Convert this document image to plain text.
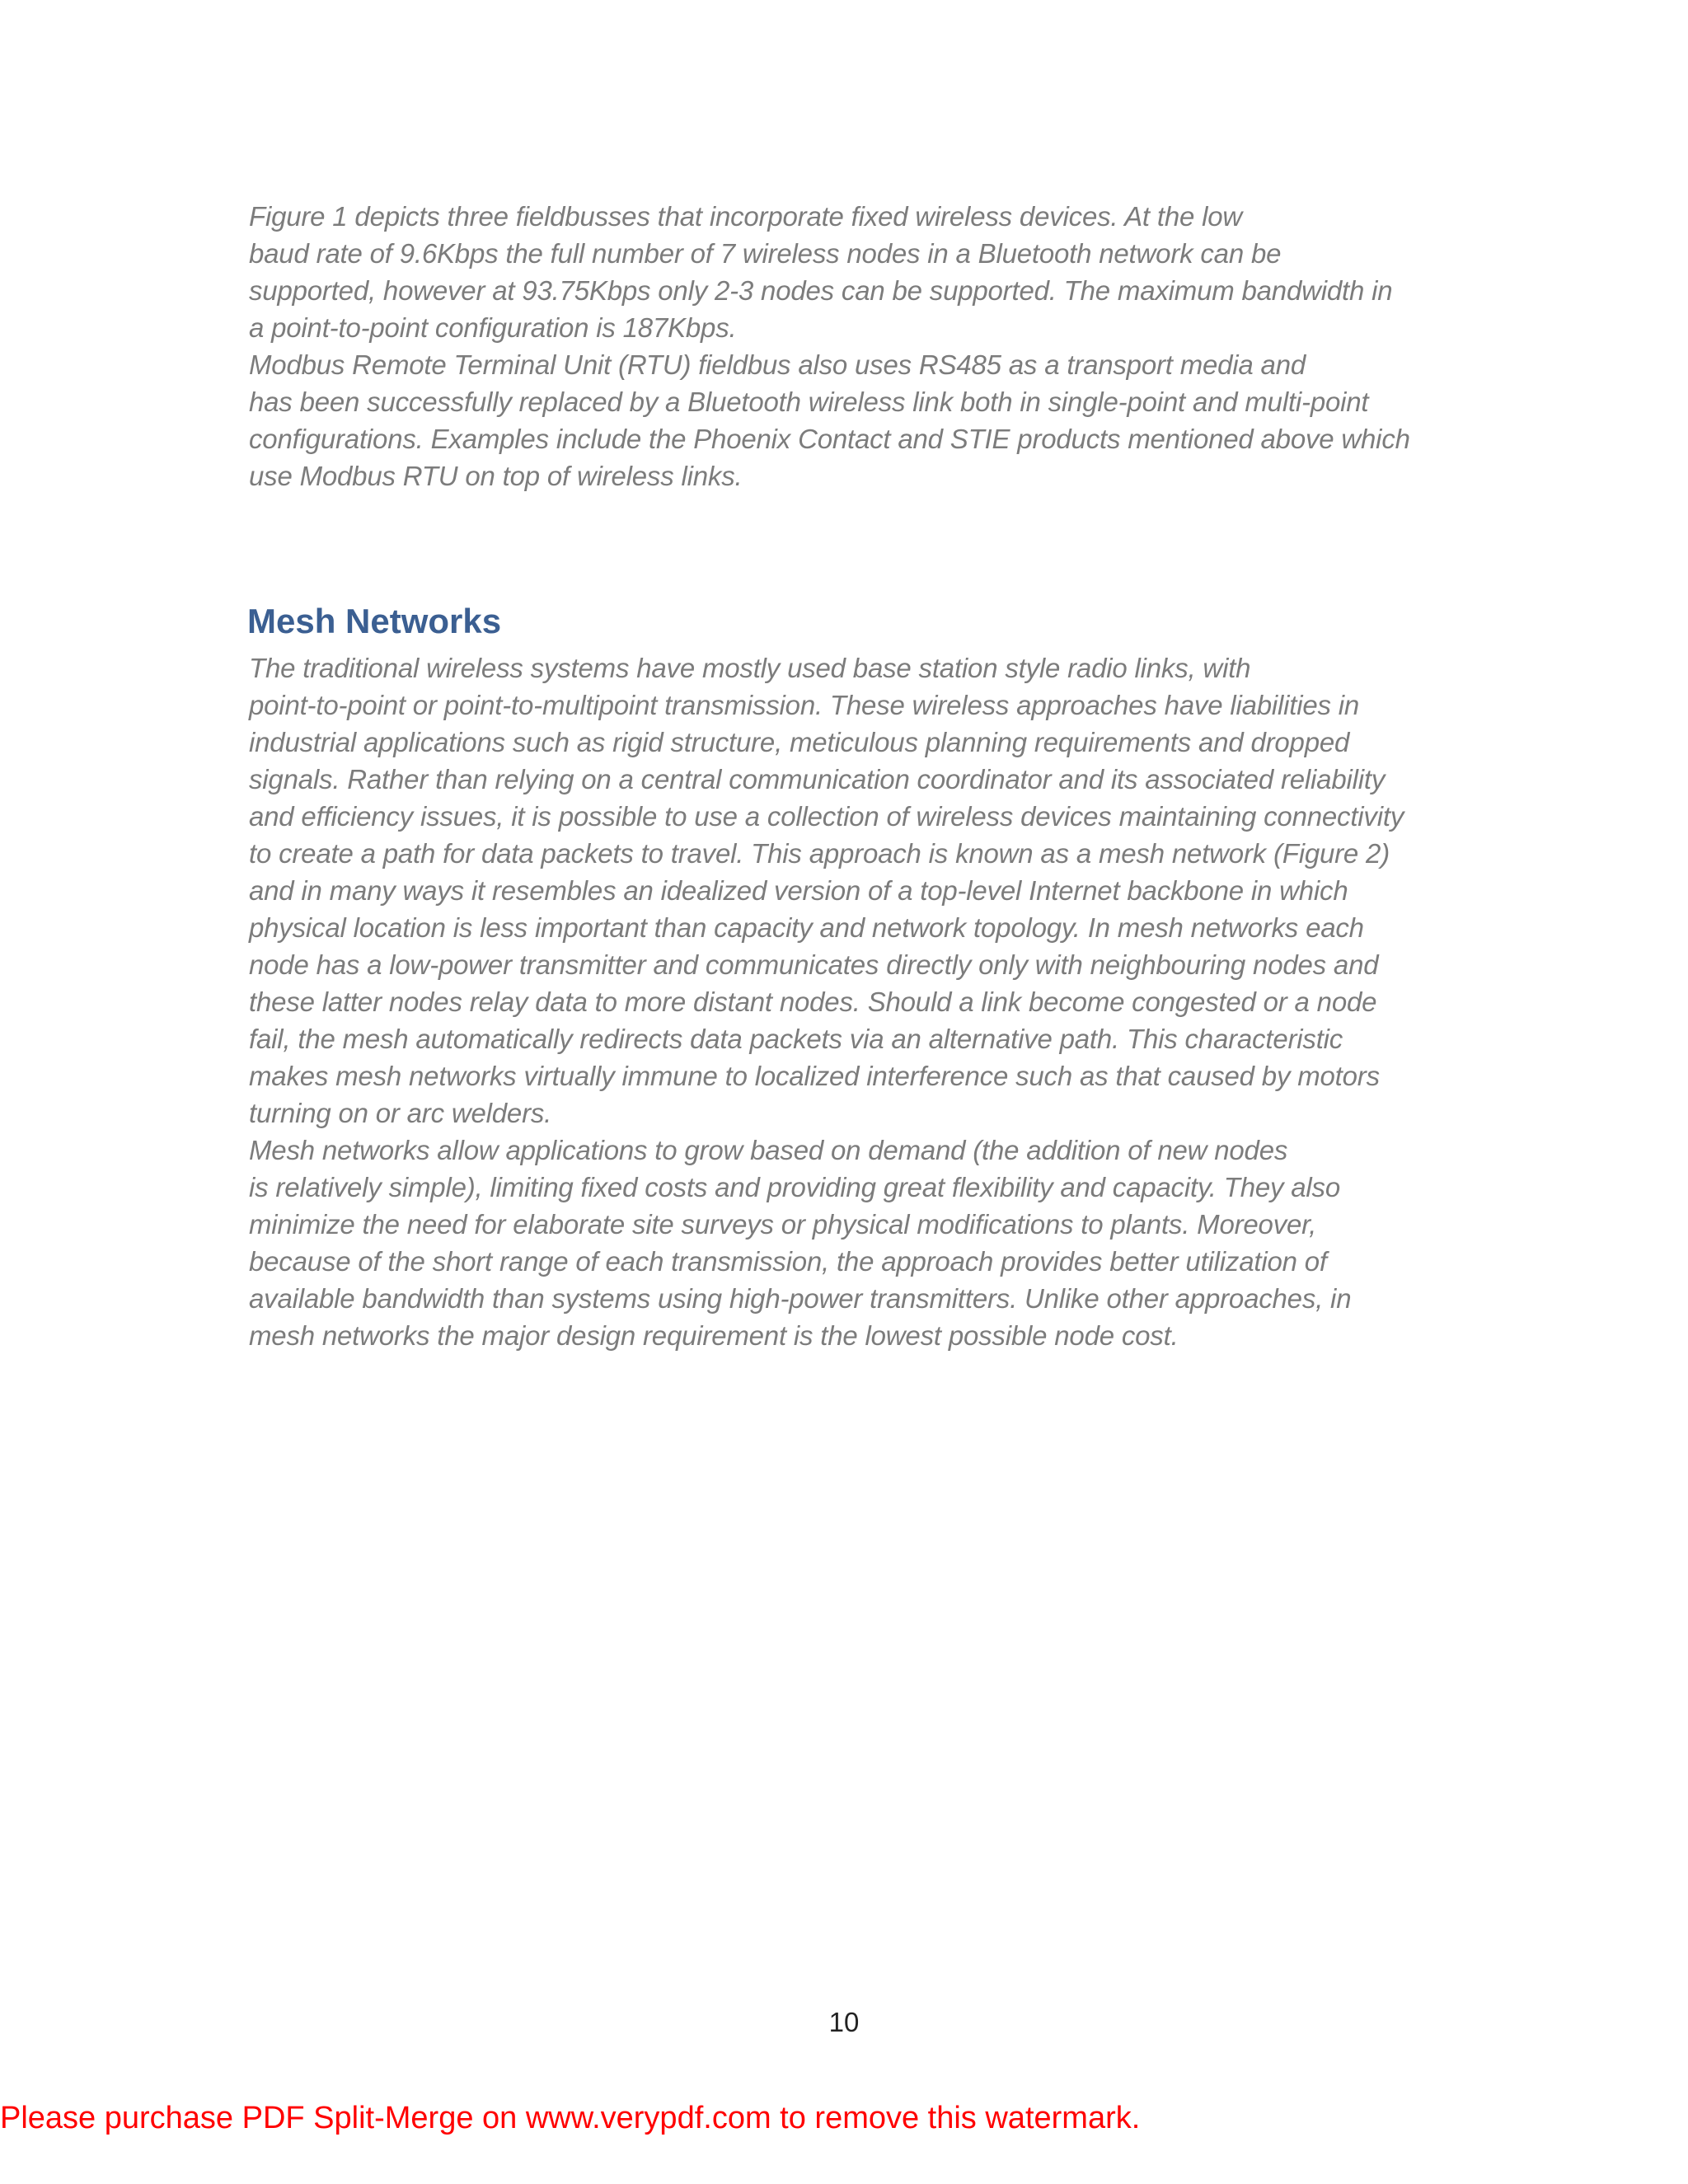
Figure 1 depicts three fieldbusses that incorporate fixed wireless devices. At the low
baud rate of 9.6Kbps the full number of 7 wireless nodes in a Bluetooth network can be
supported, however at 93.75Kbps only 2-3 nodes can be supported. The maximum bandwidth in
a point-to-point configuration is 187Kbps.

Modbus Remote Terminal Unit (RTU) fieldbus also uses RS485 as a transport media and
has been successfully replaced by a Bluetooth wireless link both in single-point and multi-point
configurations. Examples include the Phoenix Contact and STIE products mentioned above which
use Modbus RTU on top of wireless links.

Mesh Networks

The traditional wireless systems have mostly used base station style radio links, with
point-to-point or point-to-multipoint transmission. These wireless approaches have liabilities in
industrial applications such as rigid structure, meticulous planning requirements and dropped
signals. Rather than relying on a central communication coordinator and its associated reliability
and efficiency issues, it is possible to use a collection of wireless devices maintaining connectivity
to create a path for data packets to travel. This approach is known as a mesh network (Figure 2)
and in many ways it resembles an idealized version of a top-level Internet backbone in which
physical location is less important than capacity and network topology. In mesh networks each
node has a low-power transmitter and communicates directly only with neighbouring nodes and
these latter nodes relay data to more distant nodes. Should a link become congested or a node
fail, the mesh automatically redirects data packets via an alternative path. This characteristic
makes mesh networks virtually immune to localized interference such as that caused by motors
turning on or arc welders.

Mesh networks allow applications to grow based on demand (the addition of new nodes
is relatively simple), limiting fixed costs and providing great flexibility and capacity. They also
minimize the need for elaborate site surveys or physical modifications to plants. Moreover,
because of the short range of each transmission, the approach provides better utilization of
available bandwidth than systems using high-power transmitters. Unlike other approaches, in
mesh networks the major design requirement is the lowest possible node cost.

10
Please purchase PDF Split-Merge on www.verypdf.com to remove this watermark.
